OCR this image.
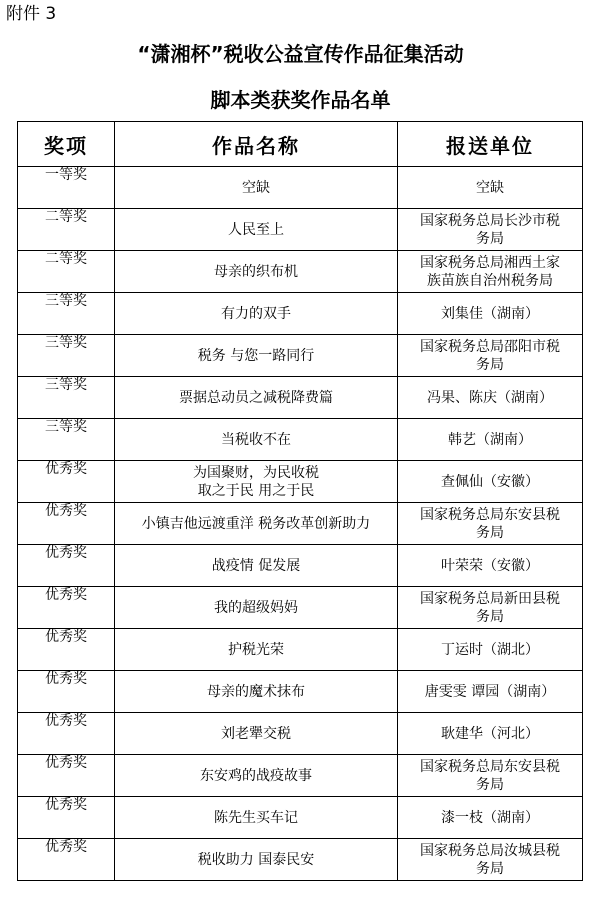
附件 3
“潇湘杯”税收公益宣传作品征集活动
脚本类获奖作品名单
奖项	作品名称	报送单位
一等奖	空缺	空缺

二等奖	人民至上	国家税务总局长沙市税
务局

二等奖	母亲的织布机	国家税务总局湘西土家
族苗族自治州税务局

三等奖	有力的双手	刘集佳（湖南）

三等奖	税务 与您一路同行	国家税务总局邵阳市税
务局

三等奖	票据总动员之减税降费篇	冯果、陈庆（湖南）

三等奖	当税收不在	韩艺（湖南）

优秀奖	为国聚财，为民收税
取之于民 用之于民	查佩仙（安徽）

优秀奖	小镇吉他远渡重洋 税务改革创新助力	国家税务总局东安县税
务局

优秀奖	战疫情 促发展	叶荣荣（安徽）

优秀奖	我的超级妈妈	国家税务总局新田县税
务局

优秀奖	护税光荣	丁运时（湖北）

优秀奖	母亲的魔术抹布	唐雯雯 谭园（湖南）

优秀奖	刘老犟交税	耿建华（河北）

优秀奖	东安鸡的战疫故事	国家税务总局东安县税
务局

优秀奖	陈先生买车记	漆一枝（湖南）

优秀奖	税收助力 国泰民安	国家税务总局汝城县税
务局
